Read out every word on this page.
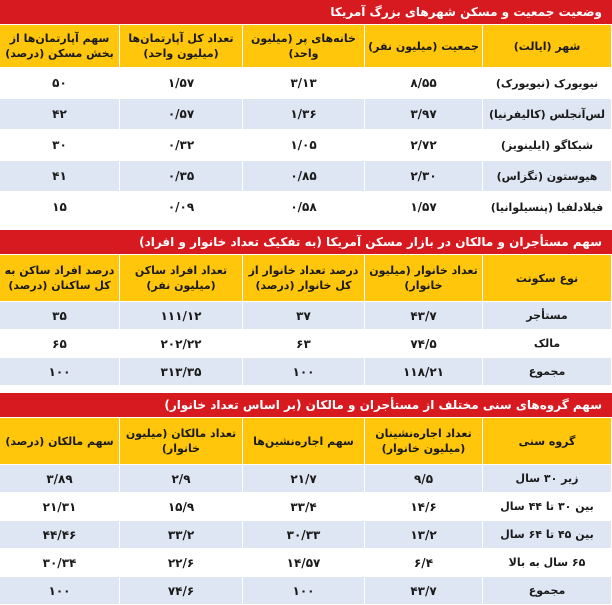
وضعیت جمعیت و مسکن شهرهای بزرگ آمریکا
شهر (ایالت)	جمعیت (میلیون نفر)	خانه‌های پر (میلیون واحد)	تعداد کل آپارتمان‌ها (میلیون واحد)	سهم آپارتمان‌ها از بخش مسکن (درصد)
نیویورک (نیویورک)	۸/۵۵	۳/۱۳	۱/۵۷	۵۰
لس‌آنجلس (کالیفرنیا)	۳/۹۷	۱/۳۶	۰/۵۷	۴۲
شیکاگو (ایلینویز)	۲/۷۲	۱/۰۵	۰/۳۲	۳۰
هیوستون (تگزاس)	۲/۳۰	۰/۸۵	۰/۳۵	۴۱
فیلادلفیا (پنسیلوانیا)	۱/۵۷	۰/۵۸	۰/۰۹	۱۵
سهم مستأجران و مالکان در بازار مسکن آمریکا (به تفکیک تعداد خانوار و افراد)
نوع سکونت	تعداد خانوار (میلیون خانوار)	درصد تعداد خانوار از کل خانوار (درصد)	تعداد افراد ساکن (میلیون نفر)	درصد افراد ساکن به کل ساکنان (درصد)
مستأجر	۴۳/۷	۳۷	۱۱۱/۱۲	۳۵
مالک	۷۴/۵	۶۳	۲۰۲/۲۲	۶۵
مجموع	۱۱۸/۲۱	۱۰۰	۳۱۳/۳۵	۱۰۰
سهم گروه‌های سنی مختلف از مستأجران و مالکان (بر اساس تعداد خانوار)
گروه سنی	تعداد اجاره‌نشینان (میلیون خانوار)	سهم اجاره‌نشین‌ها	تعداد مالکان (میلیون خانوار)	سهم مالکان (درصد)
زیر ۳۰ سال	۹/۵	۲۱/۷	۲/۹	۳/۸۹
بین ۳۰ تا ۴۴ سال	۱۴/۶	۳۳/۴	۱۵/۹	۲۱/۳۱
بین ۴۵ تا ۶۴ سال	۱۳/۲	۳۰/۳۳	۳۳/۲	۴۴/۴۶
۶۵ سال به بالا	۶/۴	۱۴/۵۷	۲۲/۶	۳۰/۳۴
مجموع	۴۳/۷	۱۰۰	۷۴/۶	۱۰۰
